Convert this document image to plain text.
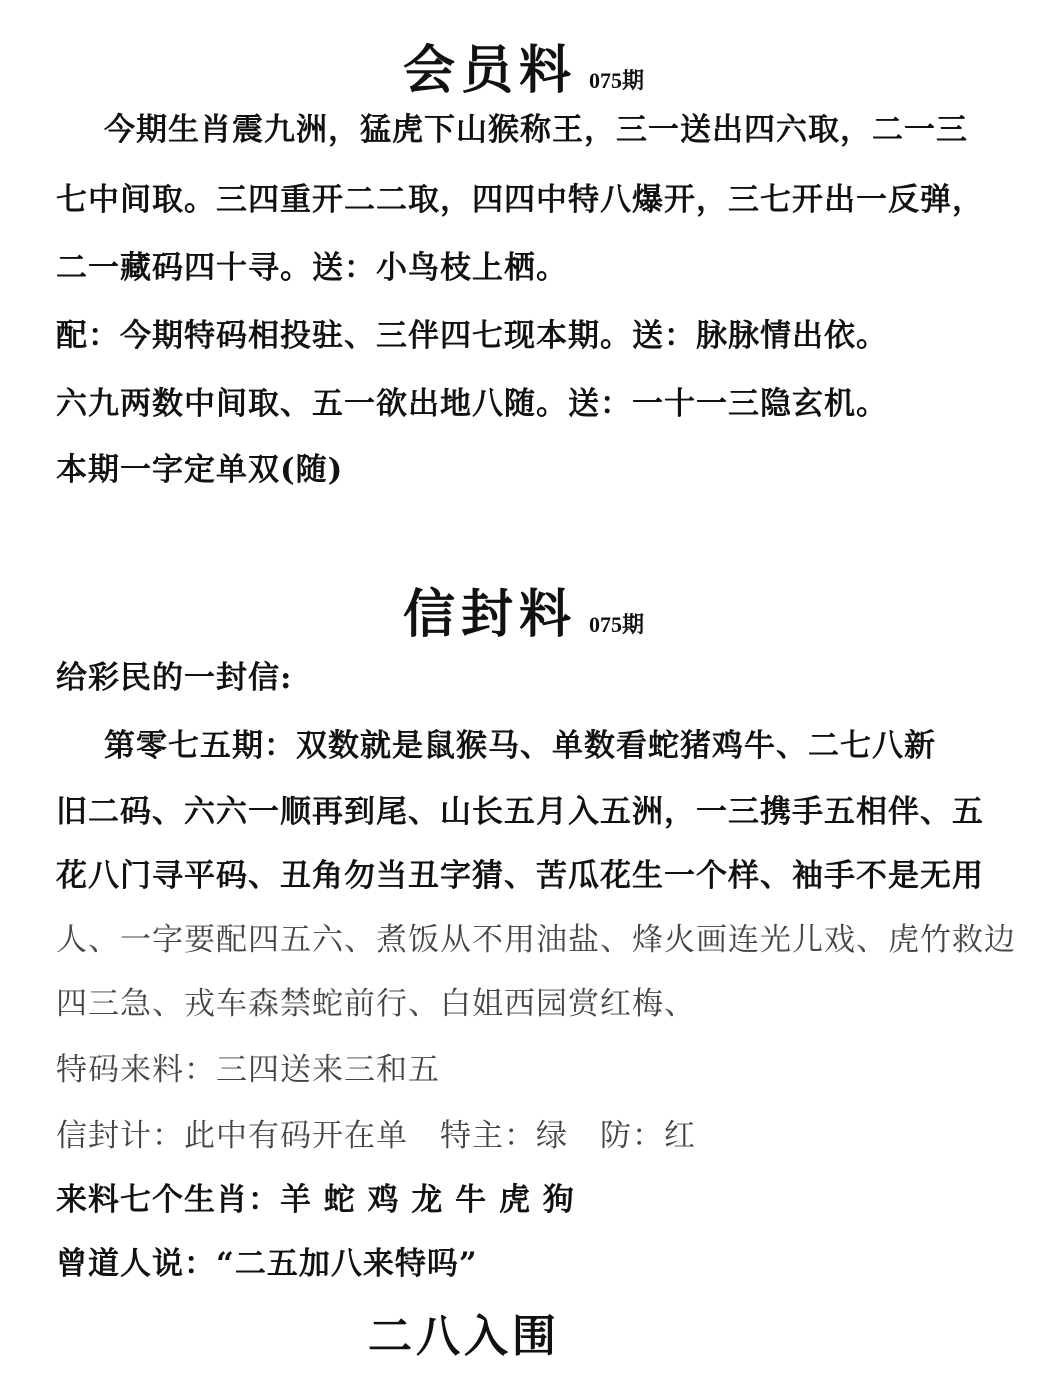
会员料 075期
今期生肖震九洲，猛虎下山猴称王，三一送出四六取，二一三
七中间取。三四重开二二取，四四中特八爆开，三七开出一反弹，
二一藏码四十寻。送：小鸟枝上栖。
配：今期特码相投驻、三伴四七现本期。送：脉脉情出依。
六九两数中间取、五一欲出地八随。送：一十一三隐玄机。
本期一字定单双(随)
信封料 075期
给彩民的一封信:
第零七五期：双数就是鼠猴马、单数看蛇猪鸡牛、二七八新
旧二码、六六一顺再到尾、山长五月入五洲，一三携手五相伴、五
花八门寻平码、丑角勿当丑字猜、苦瓜花生一个样、袖手不是无用
人、一字要配四五六、煮饭从不用油盐、烽火画连光儿戏、虎竹救边
四三急、戎车森禁蛇前行、白姐西园赏红梅、
特码来料：三四送来三和五
信封计：此中有码开在单　特主：绿　防：红
来料七个生肖：羊 蛇 鸡 龙 牛 虎 狗
曾道人说：“二五加八来特吗”
二八入围
